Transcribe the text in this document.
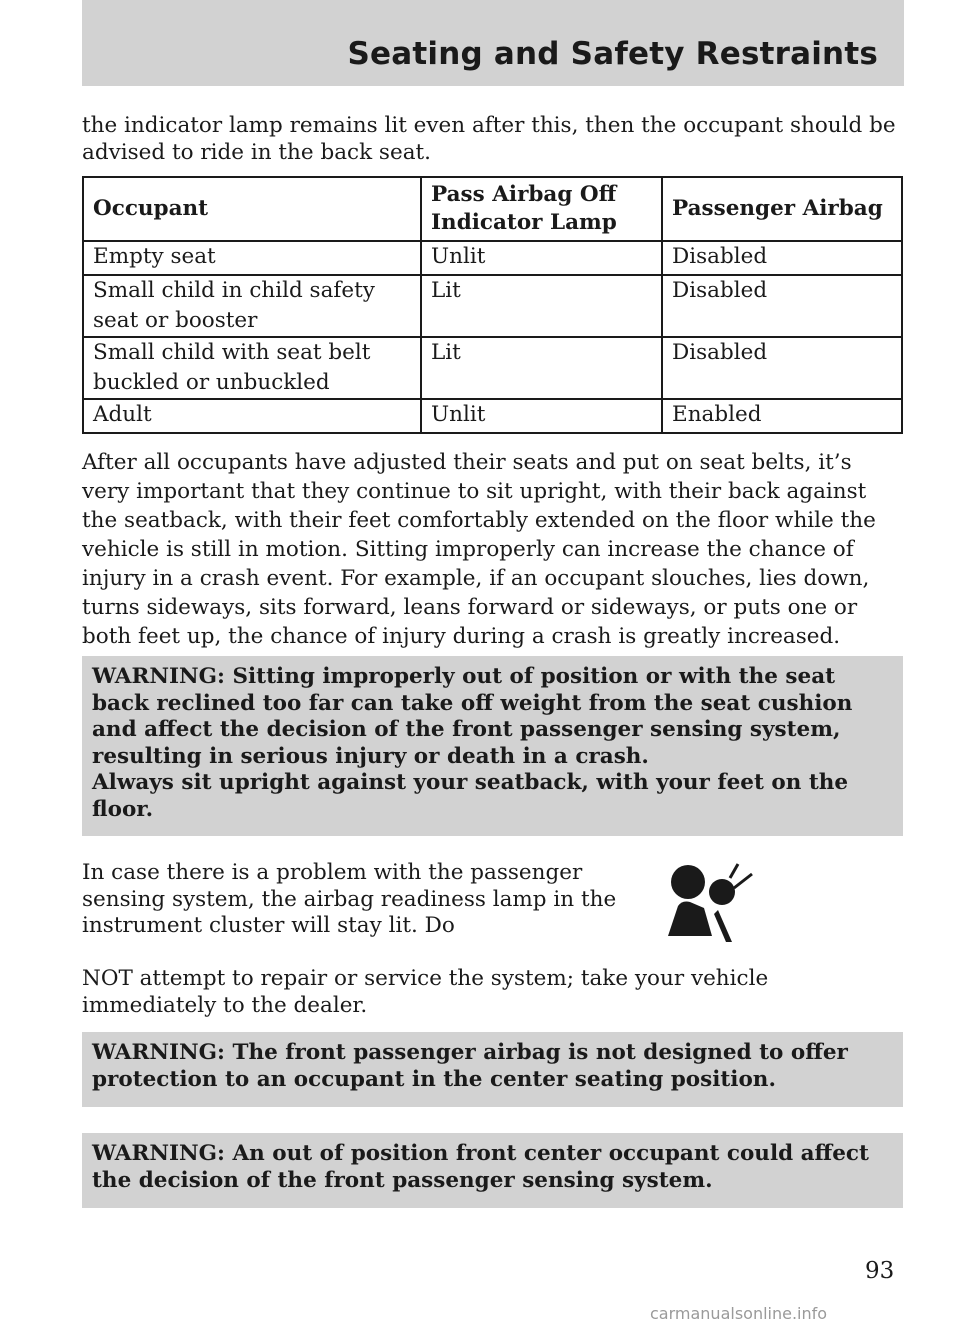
Seating and Safety Restraints

the indicator lamp remains lit even after this, then the occupant should be advised to ride in the back seat.

Occupant	Pass Airbag Off Indicator Lamp	Passenger Airbag
Empty seat	Unlit	Disabled
Small child in child safety seat or booster	Lit	Disabled
Small child with seat belt buckled or unbuckled	Lit	Disabled
Adult	Unlit	Enabled

After all occupants have adjusted their seats and put on seat belts, it’s very important that they continue to sit upright, with their back against the seatback, with their feet comfortably extended on the floor while the vehicle is still in motion. Sitting improperly can increase the chance of injury in a crash event. For example, if an occupant slouches, lies down, turns sideways, sits forward, leans forward or sideways, or puts one or both feet up, the chance of injury during a crash is greatly increased.

WARNING: Sitting improperly out of position or with the seat back reclined too far can take off weight from the seat cushion and affect the decision of the front passenger sensing system, resulting in serious injury or death in a crash.

Always sit upright against your seatback, with your feet on the floor.

In case there is a problem with the passenger sensing system, the airbag readiness lamp in the instrument cluster will stay lit. Do

NOT attempt to repair or service the system; take your vehicle immediately to the dealer.

WARNING: The front passenger airbag is not designed to offer protection to an occupant in the center seating position.

WARNING: An out of position front center occupant could affect the decision of the front passenger sensing system.

93
carmanualsonline.info
